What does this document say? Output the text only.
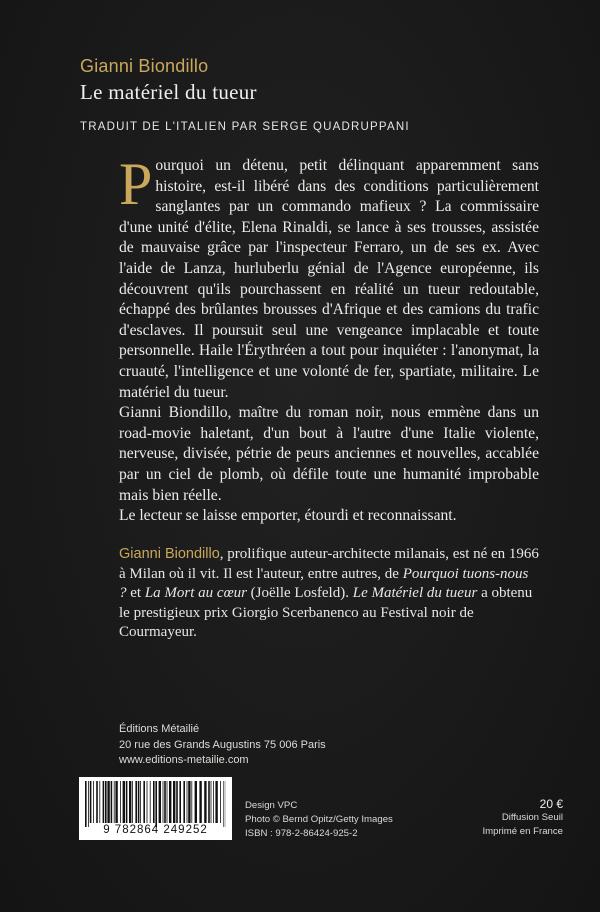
Gianni Biondillo
Le matériel du tueur
TRADUIT DE L'ITALIEN PAR SERGE QUADRUPPANI

Pourquoi un détenu, petit délinquant apparemment sans histoire, est-il libéré dans des conditions particulièrement sanglantes par un commando mafieux ? La commissaire d'une unité d'élite, Elena Rinaldi, se lance à ses trousses, assistée de mauvaise grâce par l'inspecteur Ferraro, un de ses ex. Avec l'aide de Lanza, hurluberlu génial de l'Agence européenne, ils découvrent qu'ils pourchassent en réalité un tueur redoutable, échappé des brûlantes brousses d'Afrique et des camions du trafic d'esclaves. Il poursuit seul une vengeance implacable et toute personnelle. Haile l'Érythréen a tout pour inquiéter : l'anonymat, la cruauté, l'intelligence et une volonté de fer, spartiate, militaire. Le matériel du tueur.

Gianni Biondillo, maître du roman noir, nous emmène dans un road-movie haletant, d'un bout à l'autre d'une Italie violente, nerveuse, divisée, pétrie de peurs anciennes et nouvelles, accablée par un ciel de plomb, où défile toute une humanité improbable mais bien réelle.

Le lecteur se laisse emporter, étourdi et reconnaissant.

Gianni Biondillo, prolifique auteur-architecte milanais, est né en 1966 à Milan où il vit. Il est l'auteur, entre autres, de Pourquoi tuons-nous ? et La Mort au cœur (Joëlle Losfeld). Le Matériel du tueur a obtenu le prestigieux prix Giorgio Scerbanenco au Festival noir de Courmayeur.
Éditions Métailié
20 rue des Grands Augustins 75 006 Paris
www.editions-metailie.com
9 782864 249252
Design VPC
Photo © Bernd Opitz/Getty Images
ISBN : 978-2-86424-925-2
20 €
Diffusion Seuil
Imprimé en France
